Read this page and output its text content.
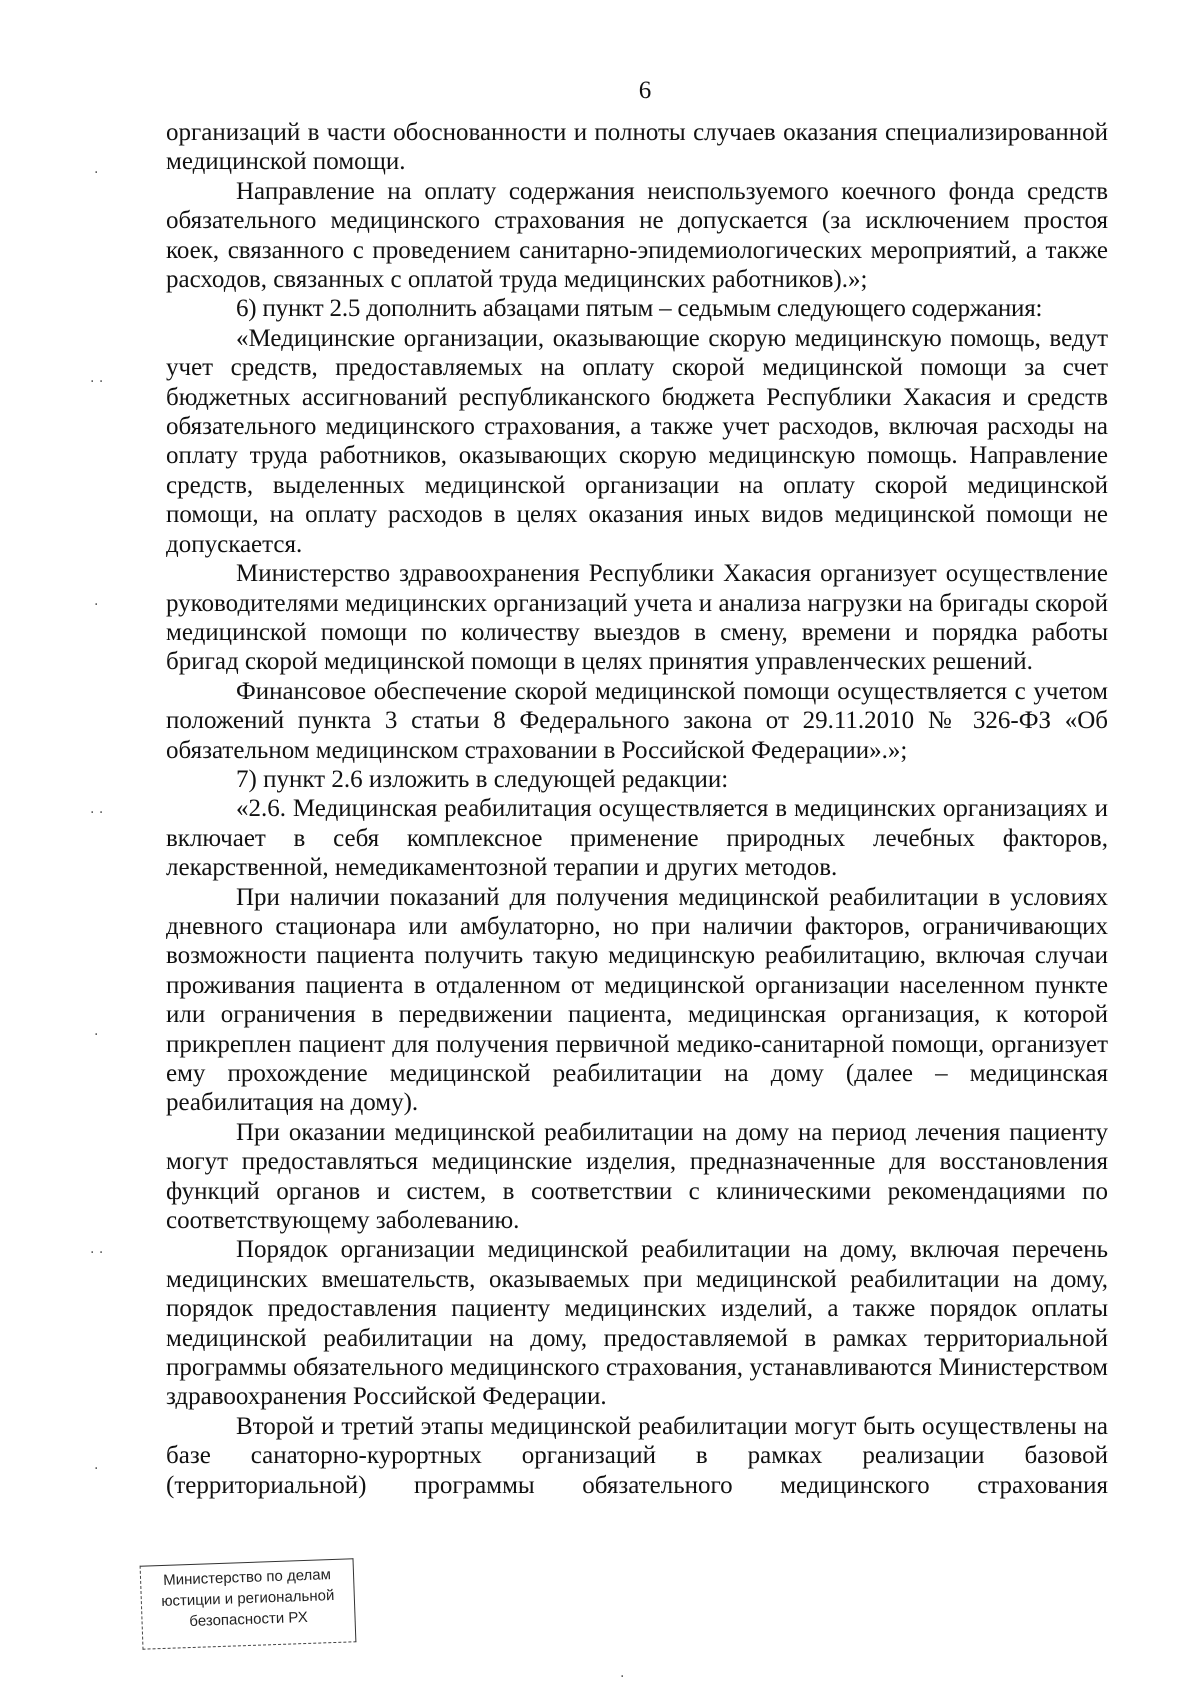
6

организаций в части обоснованности и полноты случаев оказания специализированной медицинской помощи.

Направление на оплату содержания неиспользуемого коечного фонда средств обязательного медицинского страхования не допускается (за исключением простоя коек, связанного с проведением санитарно-эпидемиологических мероприятий, а также расходов, связанных с оплатой труда медицинских работников).»;

6) пункт 2.5 дополнить абзацами пятым – седьмым следующего содержания:

«Медицинские организации, оказывающие скорую медицинскую помощь, ведут учет средств, предоставляемых на оплату скорой медицинской помощи за счет бюджетных ассигнований республиканского бюджета Республики Хакасия и средств обязательного медицинского страхования, а также учет расходов, включая расходы на оплату труда работников, оказывающих скорую медицинскую помощь. Направление средств, выделенных медицинской организации на оплату скорой медицинской помощи, на оплату расходов в целях оказания иных видов медицинской помощи не допускается.

Министерство здравоохранения Республики Хакасия организует осуществление руководителями медицинских организаций учета и анализа нагрузки на бригады скорой медицинской помощи по количеству выездов в смену, времени и порядка работы бригад скорой медицинской помощи в целях принятия управленческих решений.

Финансовое обеспечение скорой медицинской помощи осуществляется с учетом положений пункта 3 статьи 8 Федерального закона от 29.11.2010 № 326-ФЗ «Об обязательном медицинском страховании в Российской Федерации».»;

7) пункт 2.6 изложить в следующей редакции:

«2.6. Медицинская реабилитация осуществляется в медицинских организациях и включает в себя комплексное применение природных лечебных факторов, лекарственной, немедикаментозной терапии и других методов.

При наличии показаний для получения медицинской реабилитации в условиях дневного стационара или амбулаторно, но при наличии факторов, ограничивающих возможности пациента получить такую медицинскую реабилитацию, включая случаи проживания пациента в отдаленном от медицинской организации населенном пункте или ограничения в передвижении пациента, медицинская организация, к которой прикреплен пациент для получения первичной медико-санитарной помощи, организует ему прохождение медицинской реабилитации на дому (далее – медицинская реабилитация на дому).

При оказании медицинской реабилитации на дому на период лечения пациенту могут предоставляться медицинские изделия, предназначенные для восстановления функций органов и систем, в соответствии с клиническими рекомендациями по соответствующему заболеванию.

Порядок организации медицинской реабилитации на дому, включая перечень медицинских вмешательств, оказываемых при медицинской реабилитации на дому, порядок предоставления пациенту медицинских изделий, а также порядок оплаты медицинской реабилитации на дому, предоставляемой в рамках территориальной программы обязательного медицинского страхования, устанавливаются Министерством здравоохранения Российской Федерации.

Второй и третий этапы медицинской реабилитации могут быть осуществлены на базе санаторно-курортных организаций в рамках реализации базовой (территориальной) программы обязательного медицинского страхования

Министерство по делам
юстиции и региональной
безопасности РХ
·
· ·
·
· ·
·
· ·
·
·
